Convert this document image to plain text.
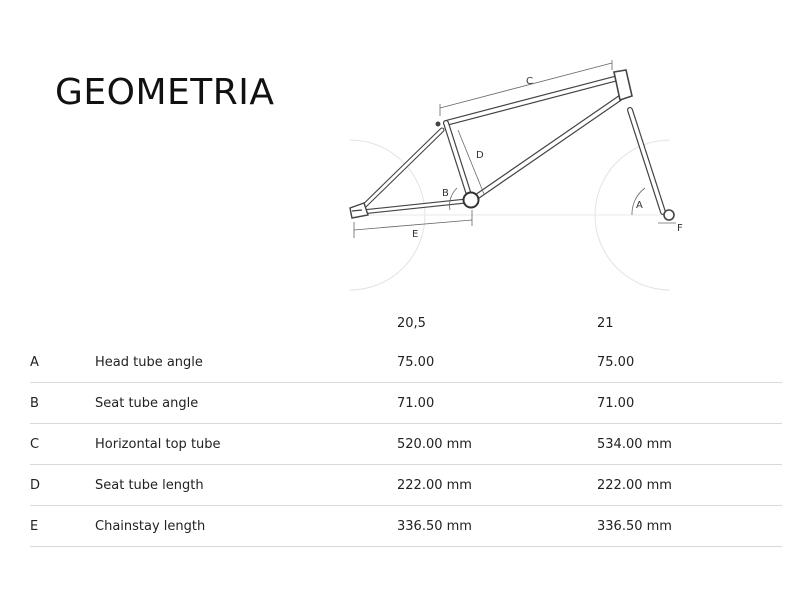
GEOMETRIA	C
D
B
E
A
F
		20,5	21
A	Head tube angle	75.00	75.00
B	Seat tube angle	71.00	71.00
C	Horizontal top tube	520.00 mm	534.00 mm
D	Seat tube length	222.00 mm	222.00 mm
E	Chainstay length	336.50 mm	336.50 mm
